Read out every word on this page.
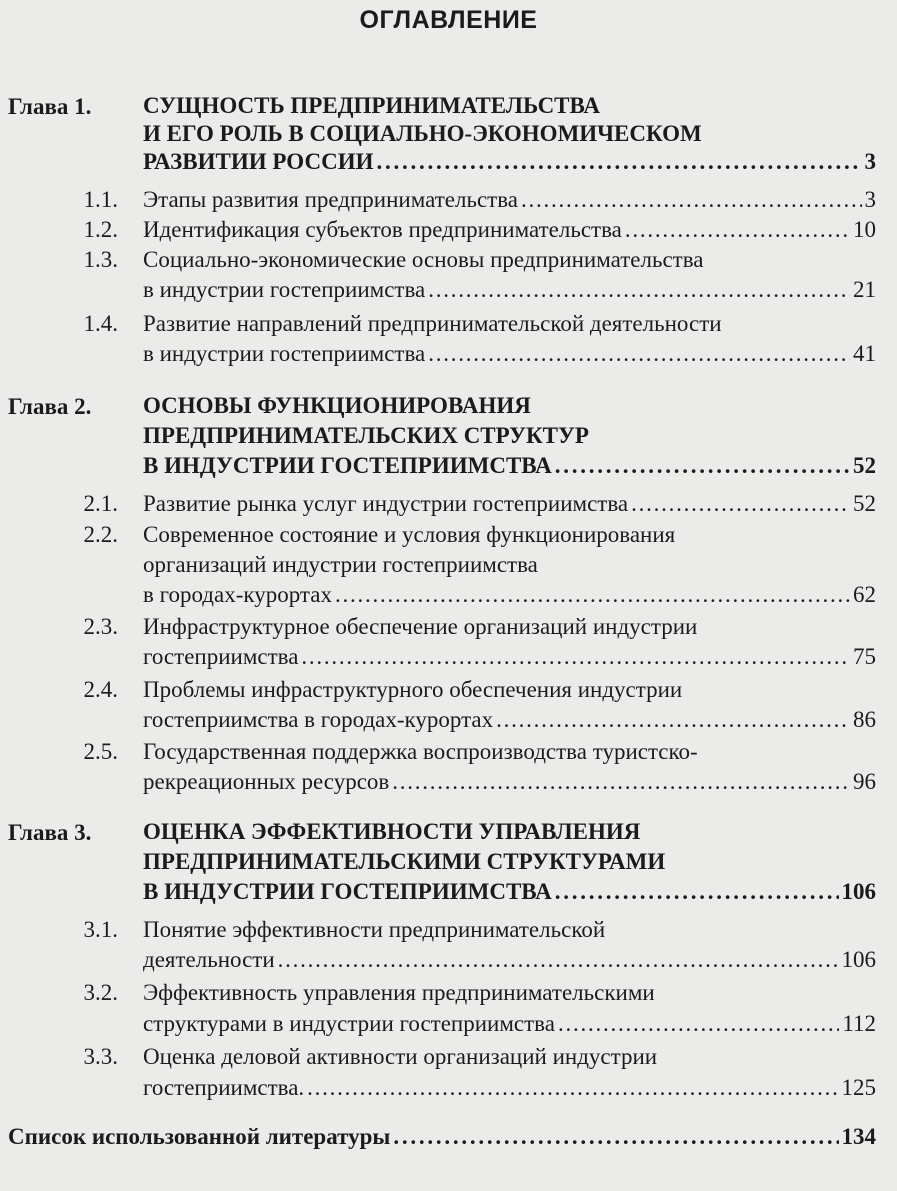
ОГЛАВЛЕНИЕ
Глава 1. СУЩНОСТЬ ПРЕДПРИНИМАТЕЛЬСТВА
И ЕГО РОЛЬ В СОЦИАЛЬНО-ЭКОНОМИЧЕСКОМ
РАЗВИТИИ РОССИИ . . .	3
1.1. Этапы развития предпринимательства . . .	3
1.2. Идентификация субъектов предпринимательства . . .	10
1.3. Социально-экономические основы предпринимательства
в индустрии гостеприимства . . .	21
1.4. Развитие направлений предпринимательской деятельности
в индустрии гостеприимства . . .	41
Глава 2. ОСНОВЫ ФУНКЦИОНИРОВАНИЯ
ПРЕДПРИНИМАТЕЛЬСКИХ СТРУКТУР
В ИНДУСТРИИ ГОСТЕПРИИМСТВА . . .	52
2.1. Развитие рынка услуг индустрии гостеприимства . . .	52
2.2. Современное состояние и условия функционирования
организаций индустрии гостеприимства
в городах-курортах . . .	62
2.3. Инфраструктурное обеспечение организаций индустрии
гостеприимства . . .	75
2.4. Проблемы инфраструктурного обеспечения индустрии
гостеприимства в городах-курортах . . .	86
2.5. Государственная поддержка воспроизводства туристско-
рекреационных ресурсов . . .	96
Глава 3. ОЦЕНКА ЭФФЕКТИВНОСТИ УПРАВЛЕНИЯ
ПРЕДПРИНИМАТЕЛЬСКИМИ СТРУКТУРАМИ
В ИНДУСТРИИ ГОСТЕПРИИМСТВА . . .	106
3.1. Понятие эффективности предпринимательской
деятельности . . .	106
3.2. Эффективность управления предпринимательскими
структурами в индустрии гостеприимства . . .	112
3.3. Оценка деловой активности организаций индустрии
гостеприимства. . . .	125
Список использованной литературы . . .	134
